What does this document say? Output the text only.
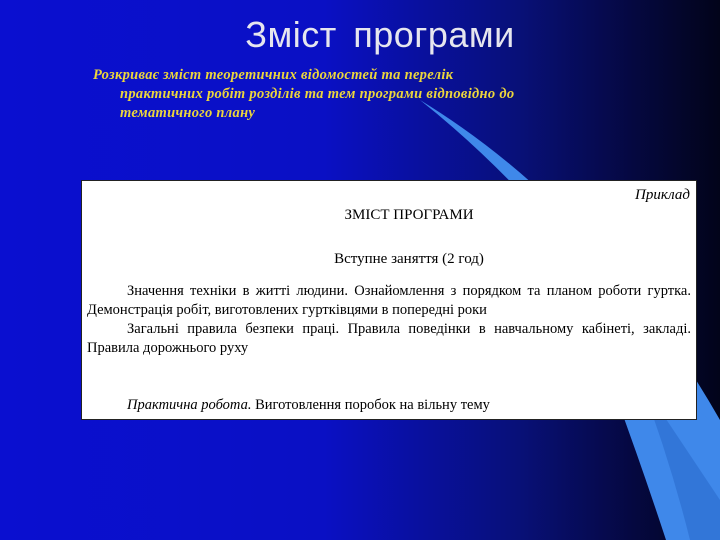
Зміст програми
Розкриває зміст теоретичних відомостей та перелік
практичних робіт розділів та тем програми відповідно до
тематичного плану
Приклад
ЗМІСТ ПРОГРАМИ
Вступне заняття (2 год)

Значення техніки в житті людини. Ознайомлення з порядком та планом роботи гуртка. Демонстрація робіт, виготовлених гуртківцями в попередні роки

Загальні правила безпеки праці. Правила поведінки в навчальному кабінеті, закладі. Правила дорожнього руху

Практична робота. Виготовлення поробок на вільну тему
